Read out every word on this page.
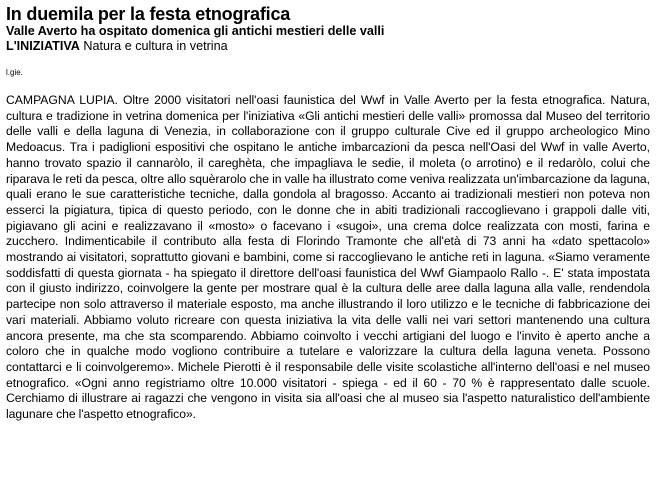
In duemila per la festa etnografica
Valle Averto ha ospitato domenica gli antichi mestieri delle valli
L'INIZIATIVA Natura e cultura in vetrina
l.gie.

CAMPAGNA LUPIA. Oltre 2000 visitatori nell'oasi faunistica del Wwf in Valle Averto per la festa etnografica. Natura, cultura e tradizione in vetrina domenica per l'iniziativa «Gli antichi mestieri delle valli» promossa dal Museo del territorio delle valli e della laguna di Venezia, in collaborazione con il gruppo culturale Cive ed il gruppo archeologico Mino Medoacus. Tra i padiglioni espositivi che ospitano le antiche imbarcazioni da pesca nell'Oasi del Wwf in valle Averto, hanno trovato spazio il cannaròlo, il careghèta, che impagliava le sedie, il moleta (o arrotino) e il redaròlo, colui che riparava le reti da pesca, oltre allo squèrarolo che in valle ha illustrato come veniva realizzata un'imbarcazione da laguna, quali erano le sue caratteristiche tecniche, dalla gondola al bragosso. Accanto ai tradizionali mestieri non poteva non esserci la pigiatura, tipica di questo periodo, con le donne che in abiti tradizionali raccoglievano i grappoli dalle viti, pigiavano gli acini e realizzavano il «mosto» o facevano i «sugoi», una crema dolce realizzata con mosti, farina e zucchero. Indimenticabile il contributo alla festa di Florindo Tramonte che all'età di 73 anni ha «dato spettacolo» mostrando ai visitatori, soprattutto giovani e bambini, come si raccoglievano le antiche reti in laguna. «Siamo veramente soddisfatti di questa giornata - ha spiegato il direttore dell'oasi faunistica del Wwf Giampaolo Rallo -. E' stata impostata con il giusto indirizzo, coinvolgere la gente per mostrare qual è la cultura delle aree dalla laguna alla valle, rendendola partecipe non solo attraverso il materiale esposto, ma anche illustrando il loro utilizzo e le tecniche di fabbricazione dei vari materiali. Abbiamo voluto ricreare con questa iniziativa la vita delle valli nei vari settori mantenendo una cultura ancora presente, ma che sta scomparendo. Abbiamo coinvolto i vecchi artigiani del luogo e l'invito è aperto anche a coloro che in qualche modo vogliono contribuire a tutelare e valorizzare la cultura della laguna veneta. Possono contattarci e li coinvolgeremo». Michele Pierotti è il responsabile delle visite scolastiche all'interno dell'oasi e nel museo etnografico. «Ogni anno registriamo oltre 10.000 visitatori - spiega - ed il 60 - 70 % è rappresentato dalle scuole. Cerchiamo di illustrare ai ragazzi che vengono in visita sia all'oasi che al museo sia l'aspetto naturalistico dell'ambiente lagunare che l'aspetto etnografico».
